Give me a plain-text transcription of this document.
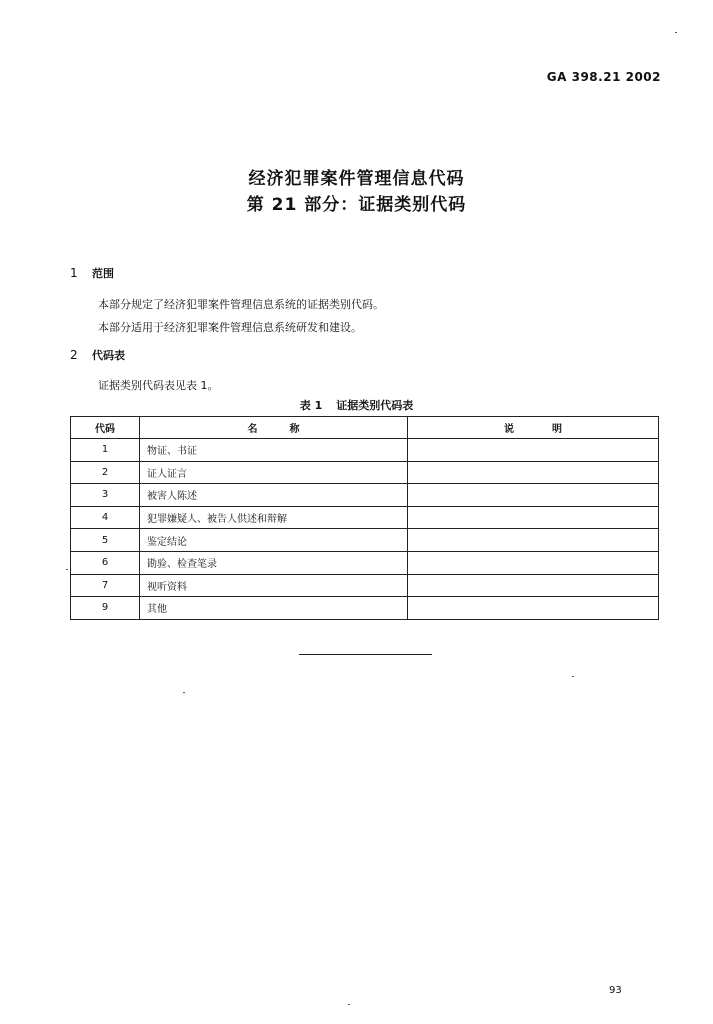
GA 398.21 2002
经济犯罪案件管理信息代码
第 21 部分：证据类别代码
1 范围
本部分规定了经济犯罪案件管理信息系统的证据类别代码。
本部分适用于经济犯罪案件管理信息系统研发和建设。
2 代码表
证据类别代码表见表 1。
表 1 证据类别代码表
代码	名 称	说 明
1	物证、书证	
2	证人证言	
3	被害人陈述	
4	犯罪嫌疑人、被告人供述和辩解	
5	鉴定结论	
6	勘验、检查笔录	
7	视听资料	
9	其他	
93
